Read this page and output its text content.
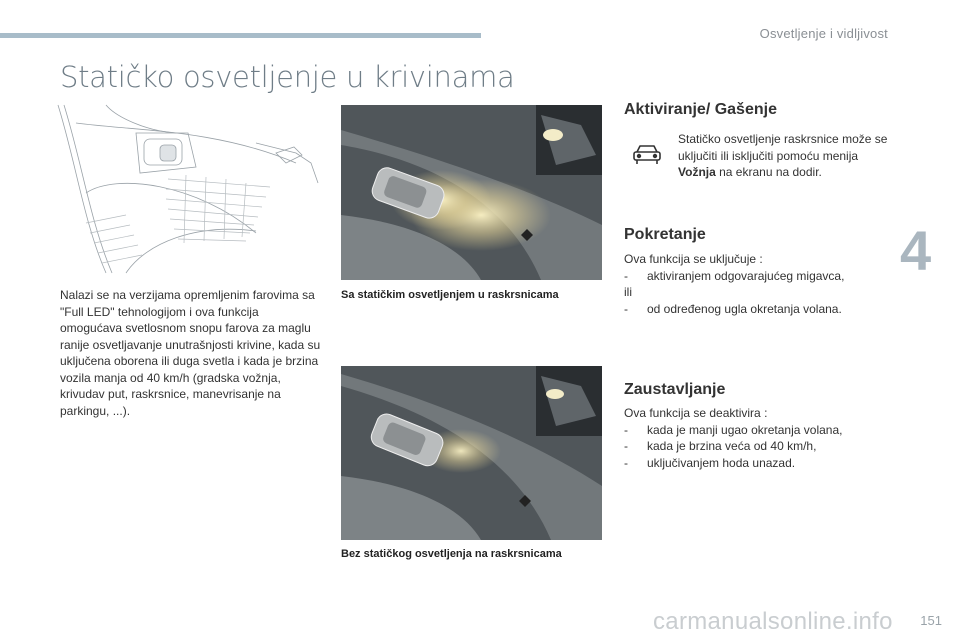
Osvetljenje i vidljivost
Statičko osvetljenje u krivinama
Nalazi se na verzijama opremljenim farovima sa "Full LED" tehnologijom i ova funkcija omogućava svetlosnom snopu farova za maglu ranije osvetljavanje unutrašnjosti krivine, kada su uključena oborena ili duga svetla i kada je brzina vozila manja od 40 km/h (gradska vožnja, krivudav put, raskrsnice, manevrisanje na parkingu, ...).
Sa statičkim osvetljenjem u raskrsnicama
Bez statičkog osvetljenja na raskrsnicama
Aktiviranje/ Gašenje
Statičko osvetljenje raskrsnice može se uključiti ili isključiti pomoću menija Vožnja na ekranu na dodir.
Pokretanje
Ova funkcija se uključuje :
-	aktiviranjem odgovarajućeg migavca,
ili
-	od određenog ugla okretanja volana.
Zaustavljanje
Ova funkcija se deaktivira :
-	kada je manji ugao okretanja volana,
-	kada je brzina veća od 40 km/h,
-	uključivanjem hoda unazad.
4
carmanualsonline.info 151
